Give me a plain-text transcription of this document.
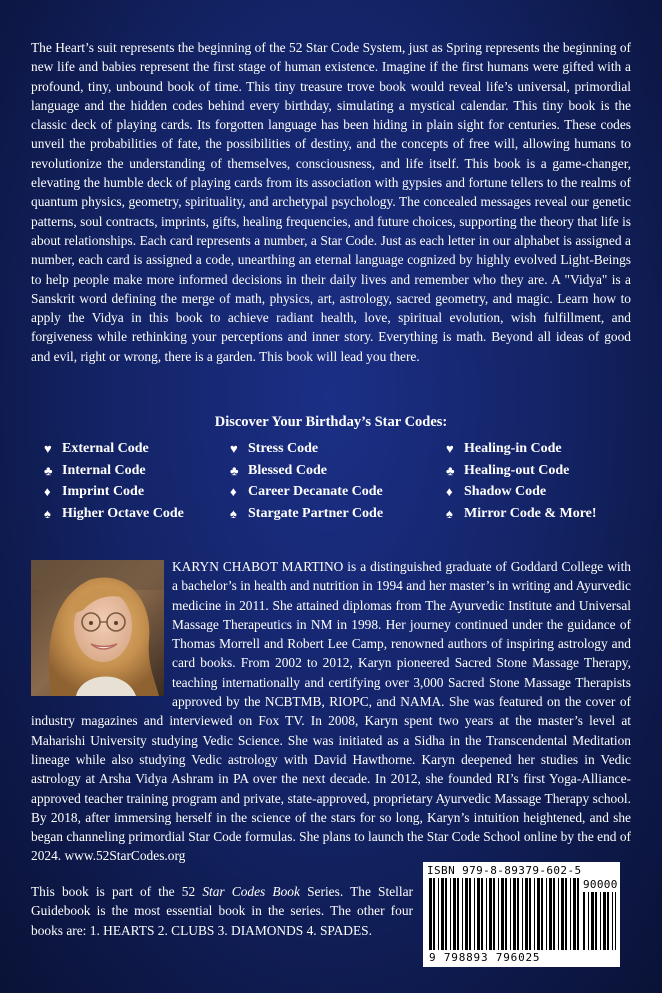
The Heart’s suit represents the beginning of the 52 Star Code System, just as Spring represents the beginning of new life and babies represent the first stage of human existence. Imagine if the first humans were gifted with a profound, tiny, unbound book of time. This tiny treasure trove book would reveal life’s universal, primordial language and the hidden codes behind every birthday, simulating a mystical calendar. This tiny book is the classic deck of playing cards. Its forgotten language has been hiding in plain sight for centuries. These codes unveil the probabilities of fate, the possibilities of destiny, and the concepts of free will, allowing humans to revolutionize the understanding of themselves, consciousness, and life itself. This book is a game-changer, elevating the humble deck of playing cards from its association with gypsies and fortune tellers to the realms of quantum physics, geometry, spirituality, and archetypal psychology. The concealed messages reveal our genetic patterns, soul contracts, imprints, gifts, healing frequencies, and future choices, supporting the theory that life is about relationships. Each card represents a number, a Star Code. Just as each letter in our alphabet is assigned a number, each card is assigned a code, unearthing an eternal language cognized by highly evolved Light-Beings to help people make more informed decisions in their daily lives and remember who they are. A "Vidya" is a Sanskrit word defining the merge of math, physics, art, astrology, sacred geometry, and magic. Learn how to apply the Vidya in this book to achieve radiant health, love, spiritual evolution, wish fulfillment, and forgiveness while rethinking your perceptions and inner story. Everything is math. Beyond all ideas of good and evil, right or wrong, there is a garden. This book will lead you there.

Discover Your Birthday’s Star Codes:
♥ External Code	♥ Stress Code	♥ Healing-in Code
♣ Internal Code	♣ Blessed Code	♣ Healing-out Code
♦ Imprint Code	♦ Career Decanate Code	♦ Shadow Code
♠ Higher Octave Code	♠ Stargate Partner Code	♠ Mirror Code & More!

KARYN CHABOT MARTINO is a distinguished graduate of Goddard College with a bachelor’s in health and nutrition in 1994 and her master’s in writing and Ayurvedic medicine in 2011. She attained diplomas from The Ayurvedic Institute and Universal Massage Therapeutics in NM in 1998. Her journey continued under the guidance of Thomas Morrell and Robert Lee Camp, renowned authors of inspiring astrology and card books. From 2002 to 2012, Karyn pioneered Sacred Stone Massage Therapy, teaching internationally and certifying over 3,000 Sacred Stone Massage Therapists approved by the NCBTMB, RIOPC, and NAMA. She was featured on the cover of industry magazines and interviewed on Fox TV. In 2008, Karyn spent two years at the master’s level at Maharishi University studying Vedic Science. She was initiated as a Sidha in the Transcendental Meditation lineage while also studying Vedic astrology with David Hawthorne. Karyn deepened her studies in Vedic astrology at Arsha Vidya Ashram in PA over the next decade. In 2012, she founded RI’s first Yoga-Alliance-approved teacher training program and private, state-approved, proprietary Ayurvedic Massage Therapy school. By 2018, after immersing herself in the science of the stars for so long, Karyn’s intuition heightened, and she began channeling primordial Star Code formulas. She plans to launch the Star Code School online by the end of 2024. www.52StarCodes.org

This book is part of the 52 Star Codes Book Series. The Stellar Guidebook is the most essential book in the series. The other four books are: 1. HEARTS 2. CLUBS 3. DIAMONDS 4. SPADES.

ISBN 979-8-89379-602-5
90000
9 798893 796025
